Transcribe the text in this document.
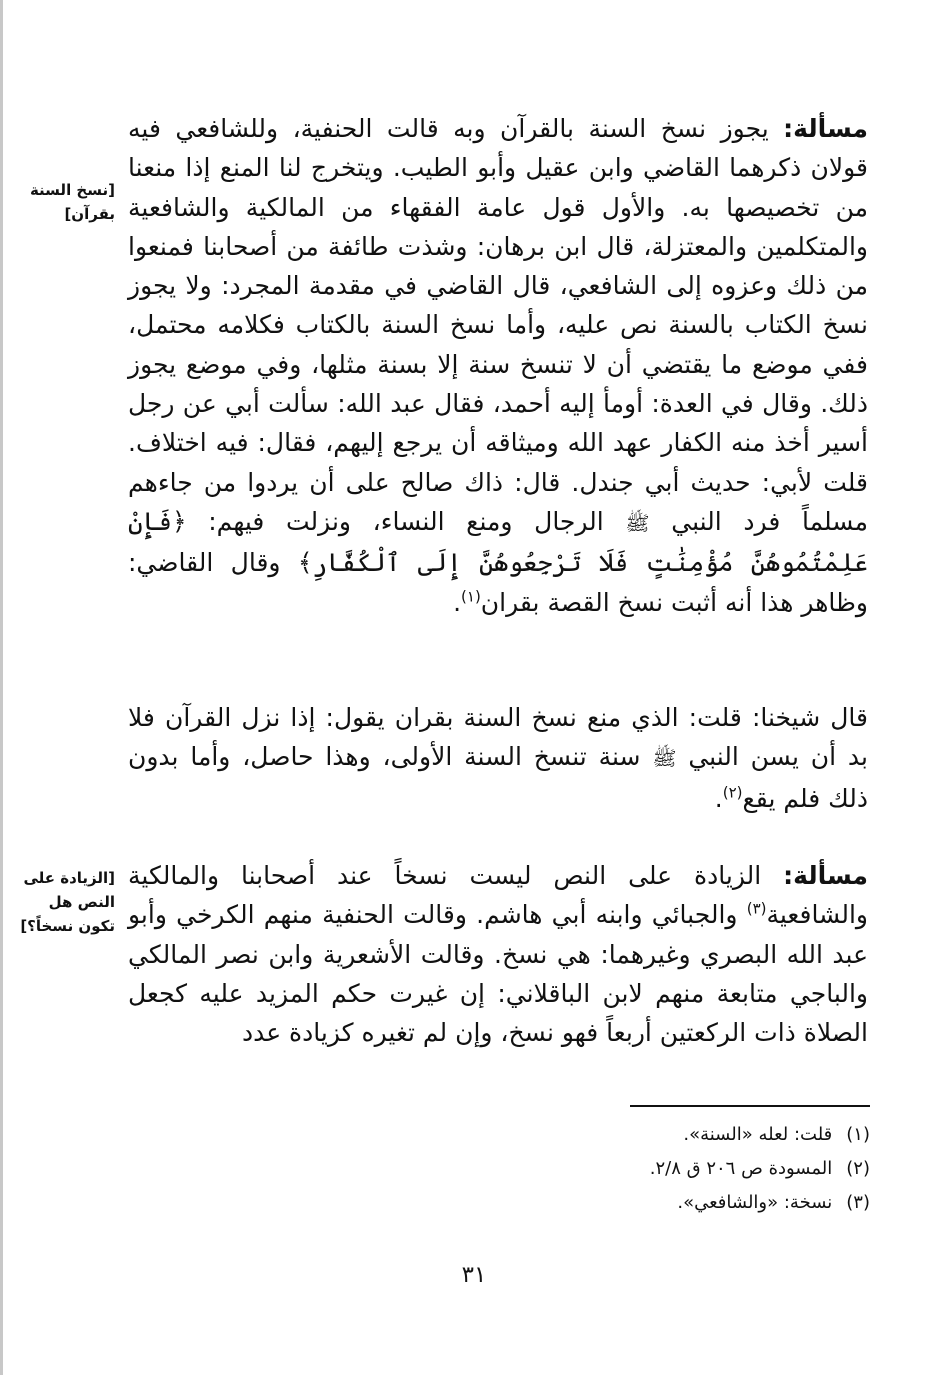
مسألة: يجوز نسخ السنة بالقرآن وبه قالت الحنفية، وللشافعي فيه قولان ذكرهما القاضي وابن عقيل وأبو الطيب. ويتخرج لنا المنع إذا منعنا من تخصيصها به. والأول قول عامة الفقهاء من المالكية والشافعية والمتكلمين والمعتزلة، قال ابن برهان: وشذت طائفة من أصحابنا فمنعوا من ذلك وعزوه إلى الشافعي، قال القاضي في مقدمة المجرد: ولا يجوز نسخ الكتاب بالسنة نص عليه، وأما نسخ السنة بالكتاب فكلامه محتمل، ففي موضع ما يقتضي أن لا تنسخ سنة إلا بسنة مثلها، وفي موضع يجوز ذلك. وقال في العدة: أومأ إليه أحمد، فقال عبد الله: سألت أبي عن رجل أسير أخذ منه الكفار عهد الله وميثاقه أن يرجع إليهم، فقال: فيه اختلاف. قلت لأبي: حديث أبي جندل. قال: ذاك صالح على أن يردوا من جاءهم مسلماً فرد النبي ﷺ الرجال ومنع النساء، ونزلت فيهم: ﴿فَإِنْ عَلِمْتُمُوهُنَّ مُؤْمِنَٰتٍ فَلَا تَرْجِعُوهُنَّ إِلَى ٱلْكُفَّارِ﴾ وقال القاضي: وظاهر هذا أنه أثبت نسخ القصة بقران$^{(١)}$.

قال شيخنا: قلت: الذي منع نسخ السنة بقران يقول: إذا نزل القرآن فلا بد أن يسن النبي ﷺ سنة تنسخ السنة الأولى، وهذا حاصل، وأما بدون ذلك فلم يقع$^{(٢)}$.

مسألة: الزيادة على النص ليست نسخاً عند أصحابنا والمالكية والشافعية$^{(٣)}$ والجبائي وابنه أبي هاشم. وقالت الحنفية منهم الكرخي وأبو عبد الله البصري وغيرهما: هي نسخ. وقالت الأشعرية وابن نصر المالكي والباجي متابعة منهم لابن الباقلاني: إن غيرت حكم المزيد عليه كجعل الصلاة ذات الركعتين أربعاً فهو نسخ، وإن لم تغيره كزيادة عدد

[نسخ السنة بقرآن]

[الزيادة على النص هل تكون نسخاً؟]

(١)قلت: لعله «السنة».
(٢)المسودة ص ٢٠٦ ق ٢/٨.
(٣)نسخة: «والشافعي».
٣١
